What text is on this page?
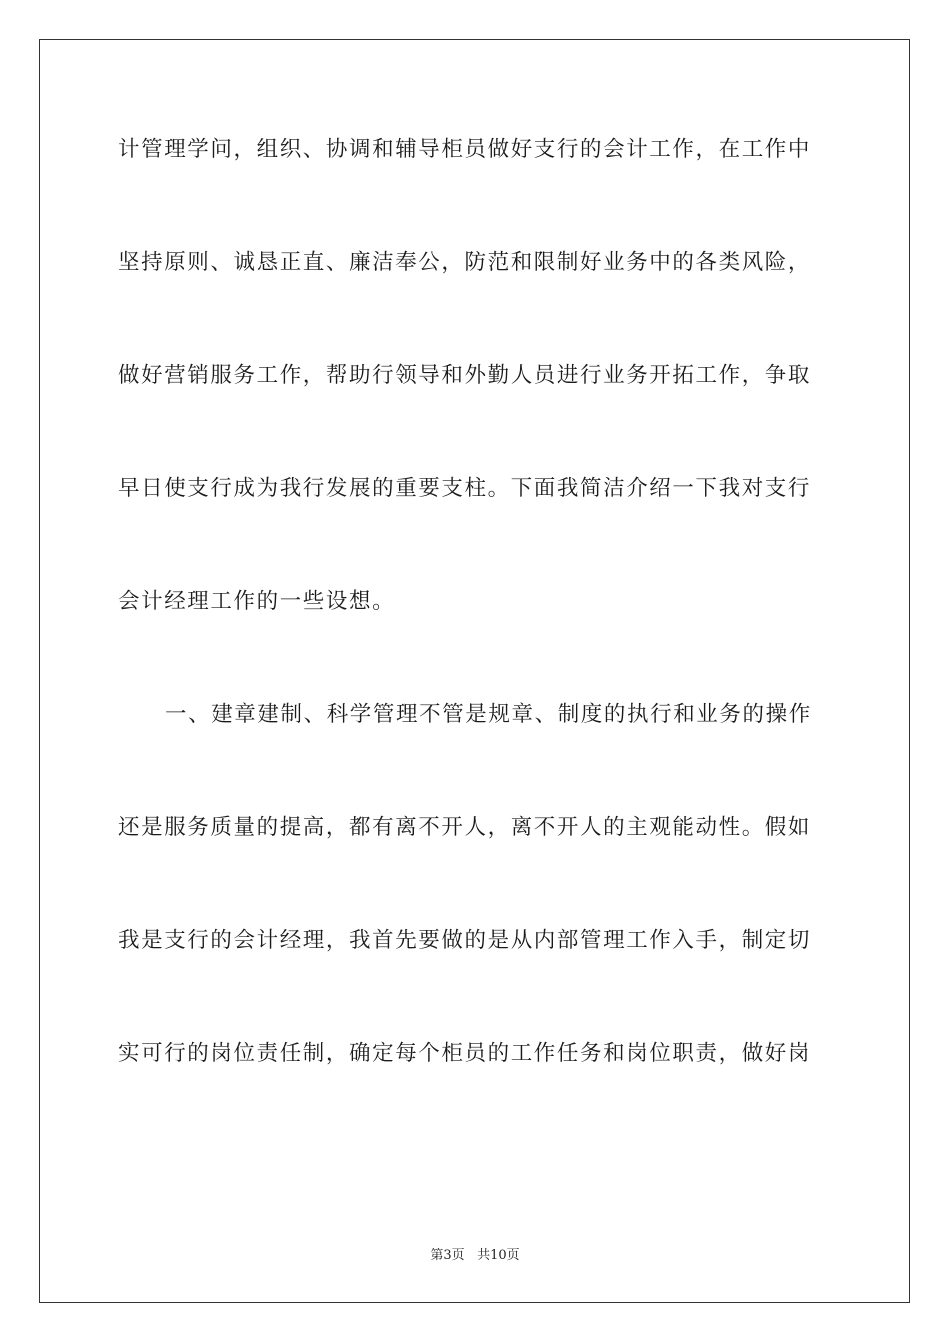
计管理学问，组织、协调和辅导柜员做好支行的会计工作，在工作中
坚持原则、诚恳正直、廉洁奉公，防范和限制好业务中的各类风险，
做好营销服务工作，帮助行领导和外勤人员进行业务开拓工作，争取
早日使支行成为我行发展的重要支柱。下面我简洁介绍一下我对支行
会计经理工作的一些设想。
一、建章建制、科学管理不管是规章、制度的执行和业务的操作
还是服务质量的提高，都有离不开人，离不开人的主观能动性。假如
我是支行的会计经理，我首先要做的是从内部管理工作入手，制定切
实可行的岗位责任制，确定每个柜员的工作任务和岗位职责，做好岗
第3页 共10页
